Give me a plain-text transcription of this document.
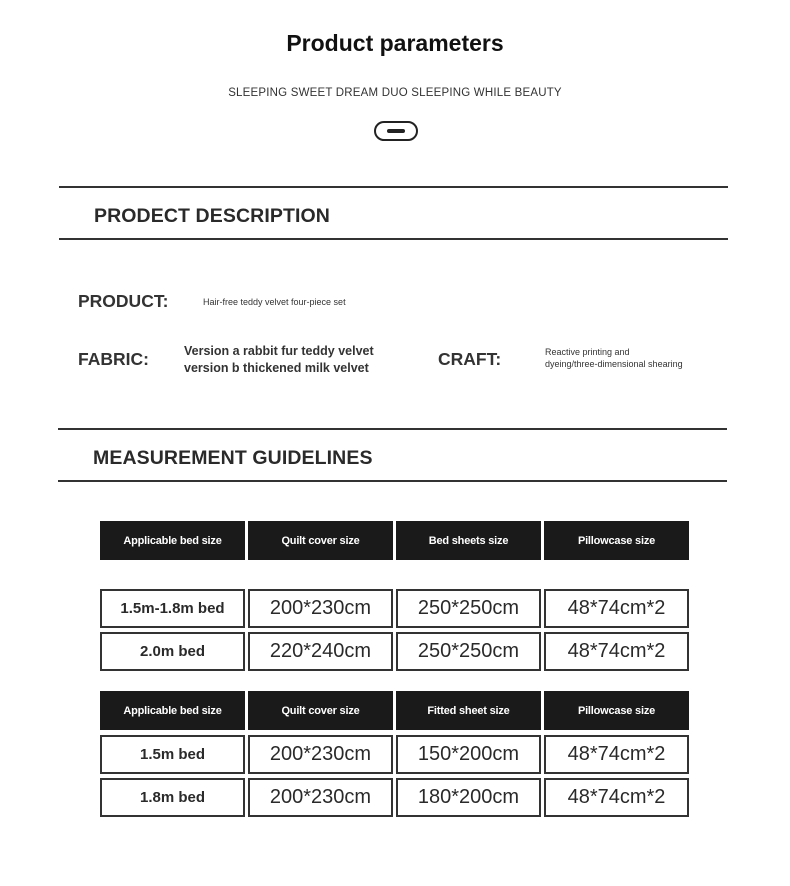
Product parameters
SLEEPING SWEET DREAM DUO SLEEPING WHILE BEAUTY
PRODECT DESCRIPTION
PRODUCT:	Hair-free teddy velvet four-piece set
FABRIC:	Version a rabbit fur teddy velvet
version b thickened milk velvet	CRAFT:	Reactive printing and
dyeing/three-dimensional shearing
MEASUREMENT GUIDELINES
Applicable bed size	Quilt cover size	Bed sheets size	Pillowcase size
1.5m-1.8m bed	200*230cm	250*250cm	48*74cm*2
2.0m bed	220*240cm	250*250cm	48*74cm*2
Applicable bed size	Quilt cover size	Fitted sheet size	Pillowcase size
1.5m bed	200*230cm	150*200cm	48*74cm*2
1.8m bed	200*230cm	180*200cm	48*74cm*2
